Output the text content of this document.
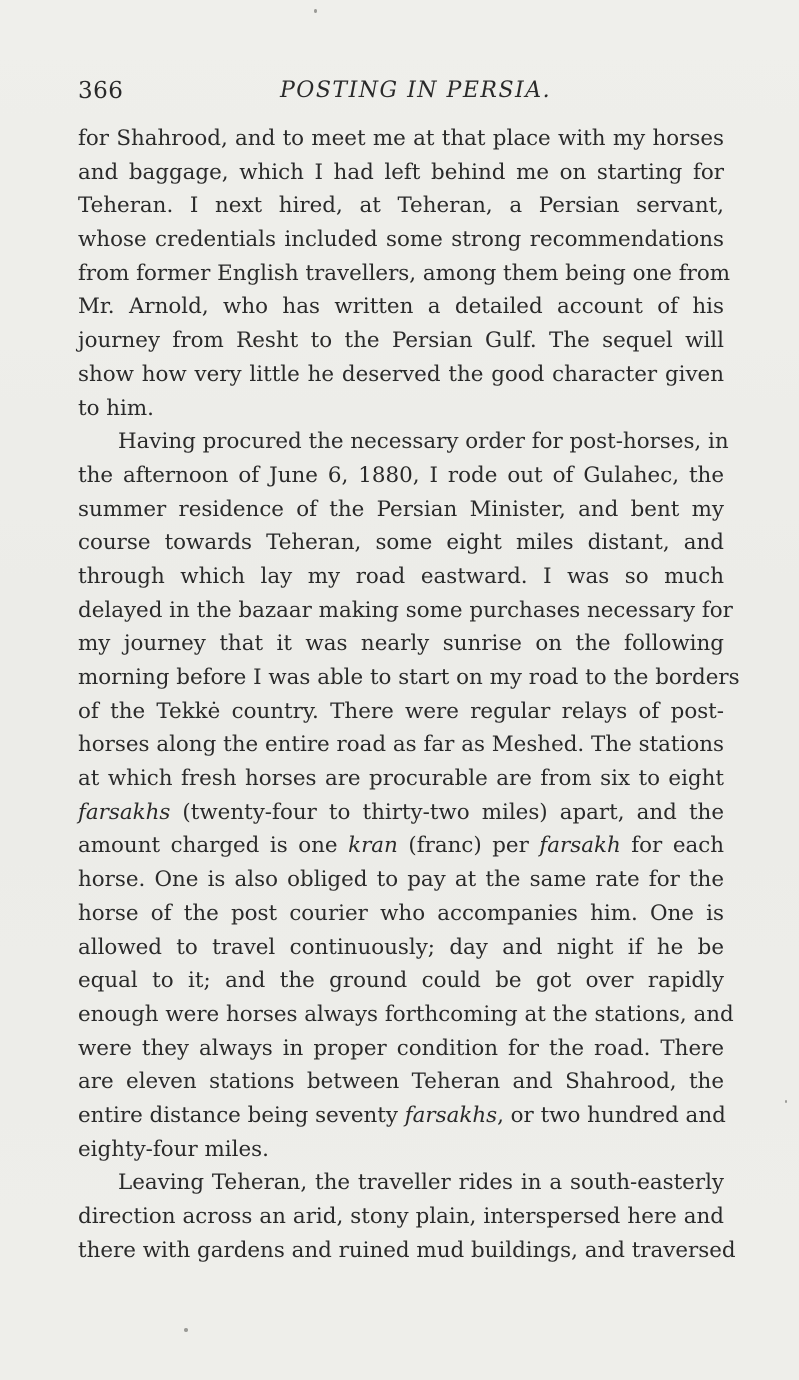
366	POSTING IN PERSIA.
for Shahrood, and to meet me at that place with my horses
and baggage, which I had left behind me on starting for
Teheran. I next hired, at Teheran, a Persian servant,
whose credentials included some strong recommendations
from former English travellers, among them being one from
Mr. Arnold, who has written a detailed account of his
journey from Resht to the Persian Gulf. The sequel will
show how very little he deserved the good character given
to him.
Having procured the necessary order for post-horses, in
the afternoon of June 6, 1880, I rode out of Gulahec, the
summer residence of the Persian Minister, and bent my
course towards Teheran, some eight miles distant, and
through which lay my road eastward. I was so much
delayed in the bazaar making some purchases necessary for
my journey that it was nearly sunrise on the following
morning before I was able to start on my road to the borders
of the Tekkė country. There were regular relays of post-
horses along the entire road as far as Meshed. The stations
at which fresh horses are procurable are from six to eight
farsakhs (twenty-four to thirty-two miles) apart, and the
amount charged is one kran (franc) per farsakh for each
horse. One is also obliged to pay at the same rate for the
horse of the post courier who accompanies him. One is
allowed to travel continuously; day and night if he be
equal to it; and the ground could be got over rapidly
enough were horses always forthcoming at the stations, and
were they always in proper condition for the road. There
are eleven stations between Teheran and Shahrood, the
entire distance being seventy farsakhs, or two hundred and
eighty-four miles.
Leaving Teheran, the traveller rides in a south-easterly
direction across an arid, stony plain, interspersed here and
there with gardens and ruined mud buildings, and traversed
